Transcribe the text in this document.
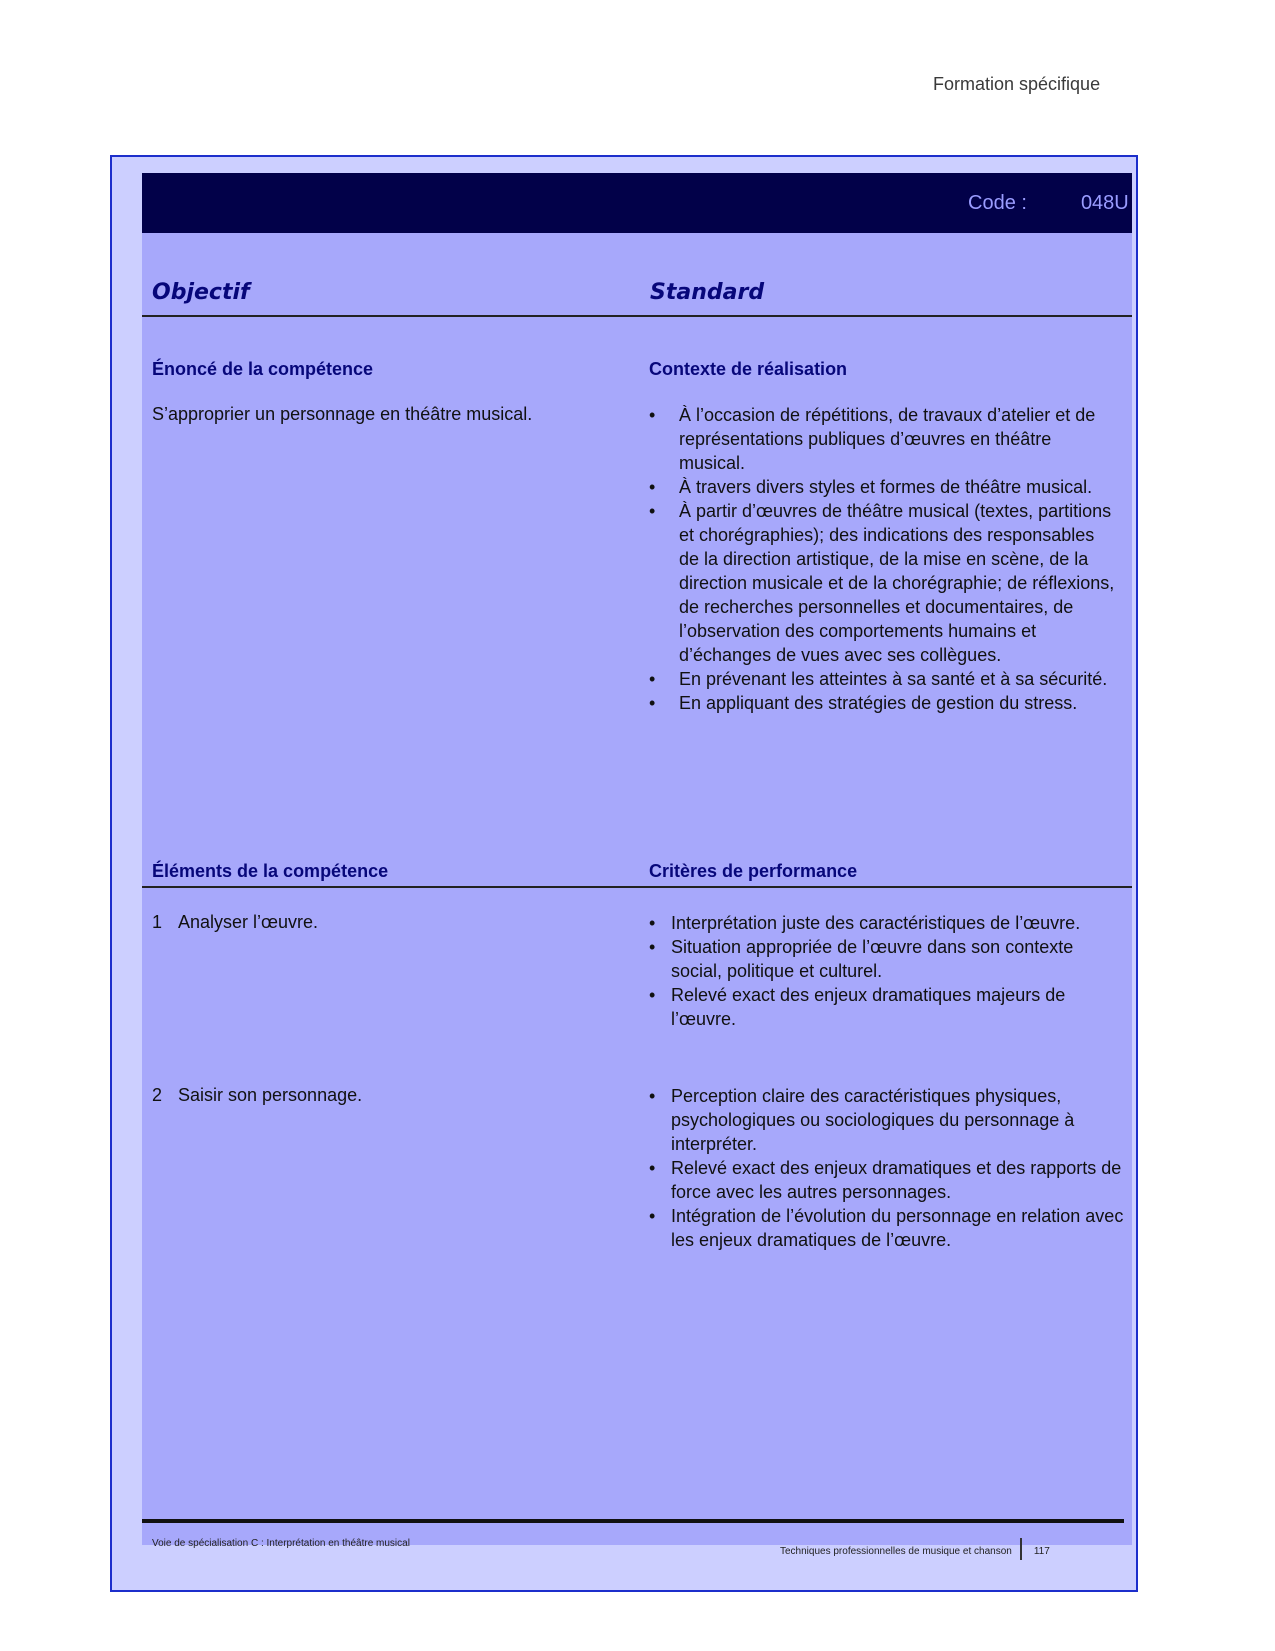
Formation spécifique
Code :	048U
Objectif	Standard
Énoncé de la compétence	Contexte de réalisation
S’approprier un personnage en théâtre musical.	• À l’occasion de répétitions, de travaux d’atelier et de représentations publiques d’œuvres en théâtre musical.
• À travers divers styles et formes de théâtre musical.
• À partir d’œuvres de théâtre musical (textes, partitions et chorégraphies); des indications des responsables de la direction artistique, de la mise en scène, de la direction musicale et de la chorégraphie; de réflexions, de recherches personnelles et documentaires, de l’observation des comportements humains et d’échanges de vues avec ses collègues.
• En prévenant les atteintes à sa santé et à sa sécurité.
• En appliquant des stratégies de gestion du stress.
Éléments de la compétence	Critères de performance
1 Analyser l’œuvre.	• Interprétation juste des caractéristiques de l’œuvre.
• Situation appropriée de l’œuvre dans son contexte social, politique et culturel.
• Relevé exact des enjeux dramatiques majeurs de l’œuvre.
2 Saisir son personnage.	• Perception claire des caractéristiques physiques, psychologiques ou sociologiques du personnage à interpréter.
• Relevé exact des enjeux dramatiques et des rapports de force avec les autres personnages.
• Intégration de l’évolution du personnage en relation avec les enjeux dramatiques de l’œuvre.
Voie de spécialisation C : Interprétation en théâtre musical
Techniques professionnelles de musique et chanson 117
